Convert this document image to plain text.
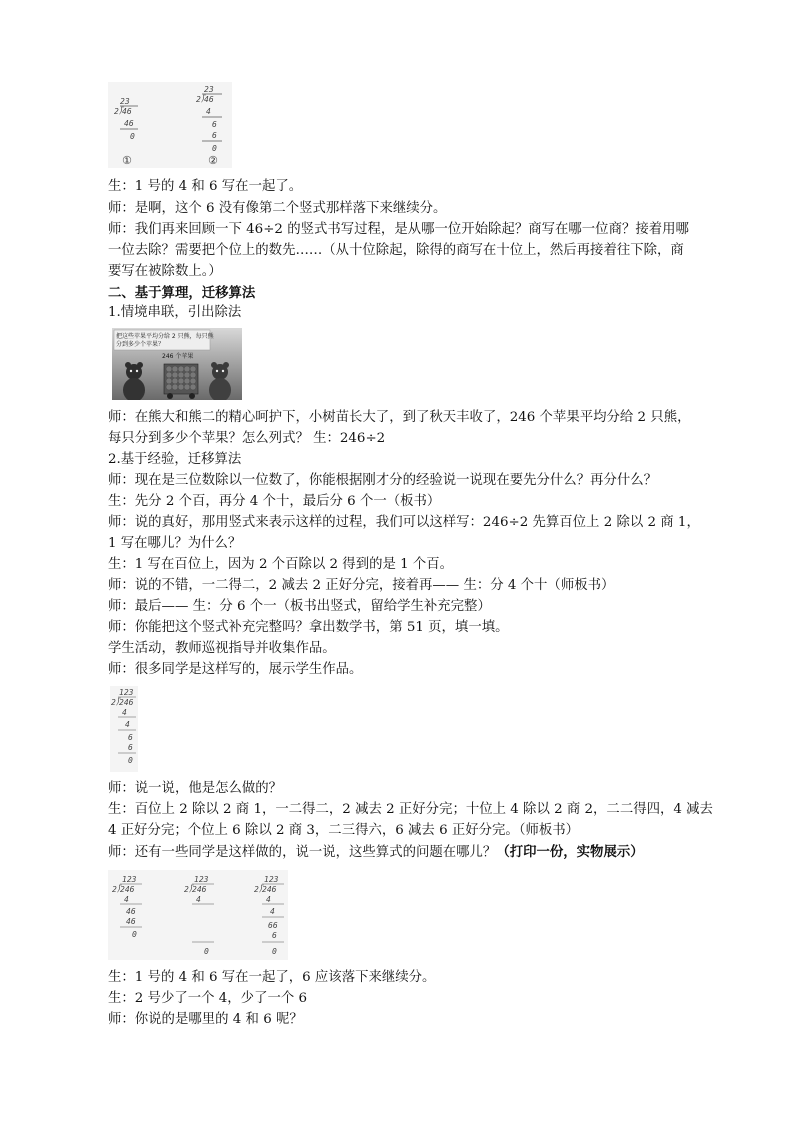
23
2⟌46
46
0
①
23
2⟌46
4
6
6
0
②
生：1 号的 4 和 6 写在一起了。
师：是啊，这个 6 没有像第二个竖式那样落下来继续分。
师：我们再来回顾一下 46÷2 的竖式书写过程，是从哪一位开始除起？商写在哪一位商？接着用哪
一位去除？需要把个位上的数先……（从十位除起，除得的商写在十位上，然后再接着往下除，商
要写在被除数上。）
二、基于算理，迁移算法
1.情境串联，引出除法
把这些苹果平均分给 2 只熊，每只熊
分到多少个苹果？
246 个苹果
师：在熊大和熊二的精心呵护下，小树苗长大了，到了秋天丰收了，246 个苹果平均分给 2 只熊，
每只分到多少个苹果？怎么列式？ 生：246÷2
2.基于经验，迁移算法
师：现在是三位数除以一位数了，你能根据刚才分的经验说一说现在要先分什么？再分什么？
生：先分 2 个百，再分 4 个十，最后分 6 个一（板书）
师：说的真好，那用竖式来表示这样的过程，我们可以这样写：246÷2 先算百位上 2 除以 2 商 1，
1 写在哪儿？为什么？
生：1 写在百位上，因为 2 个百除以 2 得到的是 1 个百。
师：说的不错，一二得二，2 减去 2 正好分完，接着再—— 生：分 4 个十（师板书）
师：最后—— 生：分 6 个一（板书出竖式，留给学生补充完整）
师：你能把这个竖式补充完整吗？拿出数学书，第 51 页，填一填。
学生活动，教师巡视指导并收集作品。
师：很多同学是这样写的，展示学生作品。
123
2⟌246
4
4
6
6
0
师：说一说，他是怎么做的？
生：百位上 2 除以 2 商 1，一二得二，2 减去 2 正好分完；十位上 4 除以 2 商 2，二二得四，4 减去
4 正好分完；个位上 6 除以 2 商 3，二三得六，6 减去 6 正好分完。（师板书）
师：还有一些同学是这样做的，说一说，这些算式的问题在哪儿？（打印一份，实物展示）
123
2⟌246
4
46
46
0
123
2⟌246
4
0
123
2⟌246
4
4
66
6
0
生：1 号的 4 和 6 写在一起了，6 应该落下来继续分。
生：2 号少了一个 4，少了一个 6
师：你说的是哪里的 4 和 6 呢？
